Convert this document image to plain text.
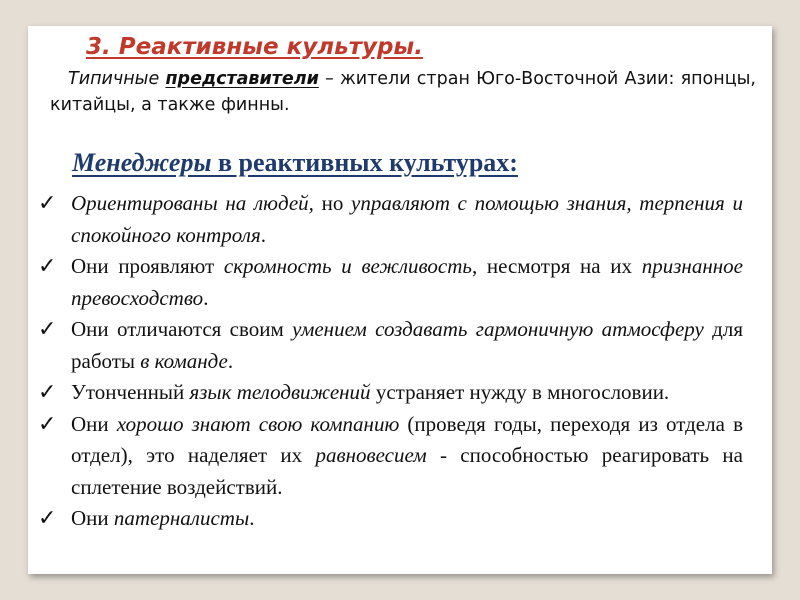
3. Реактивные культуры.

Типичные представители – жители стран Юго-Восточной Азии: японцы, китайцы, а также финны.

Менеджеры в реактивных культурах:
✓ Ориентированы на людей, но управляют с помощью знания, терпения и спокойного контроля.
✓ Они проявляют скромность и вежливость, несмотря на их признанное превосходство.
✓ Они отличаются своим умением создавать гармоничную атмосферу для работы в команде.
✓ Утонченный язык телодвижений устраняет нужду в многословии.
✓ Они хорошо знают свою компанию (проведя годы, переходя из отдела в отдел), это наделяет их равновесием - способностью реагировать на сплетение воздействий.
✓ Они патерналисты.
